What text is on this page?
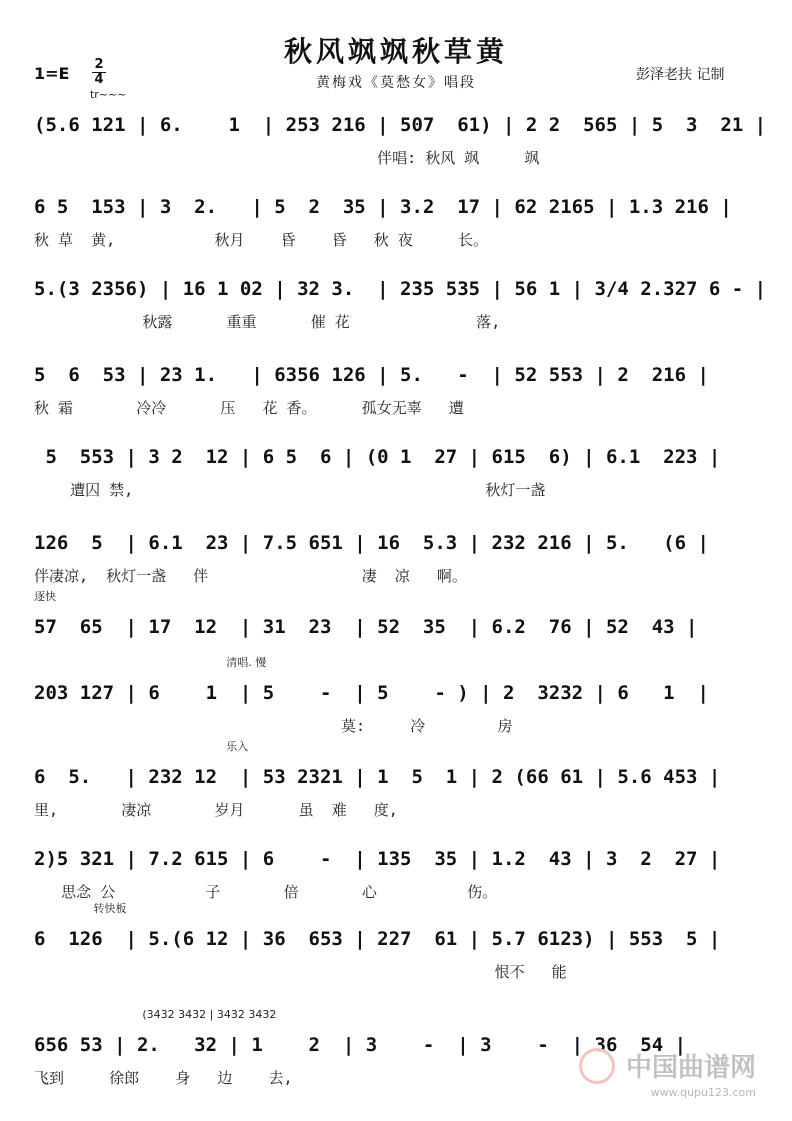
秋风飒飒秋草黄
黄梅戏《莫愁女》唱段
1=E 2
4	彭泽老扶 记制
tr~~~
(5.6 121 | 6.    1  | 253 216 | 507  61) | 2 2  565 | 5  3  21 |
伴唱: 秋风 飒     飒
6 5  153 | 3  2.   | 5  2  35 | 3.2  17 | 62 2165 | 1.3 216 |
秋 草  黄,           秋月    昏    昏   秋 夜     长。
5.(3 2356) | 16 1 02 | 32 3.  | 235 535 | 56 1 | 3/4 2.327 6 - |
秋露      重重      催 花              落,
5  6  53 | 23 1.   | 6356 126 | 5.   -  | 52 553 | 2  216 |
秋 霜       冷冷      压   花 香。     孤女无辜   遭
5  553 | 3 2  12 | 6 5  6 | (0 1  27 | 615  6) | 6.1  223 |
遭囚 禁,                                       秋灯一盏
126  5  | 6.1  23 | 7.5 651 | 16  5.3 | 232 216 | 5.   (6 |
伴凄凉,  秋灯一盏   伴                 凄  凉   啊。
逐快
57  65  | 17  12  | 31  23  | 52  35  | 6.2  76 | 52  43 |
清唱. 慢
203 127 | 6    1  | 5    -  | 5    - ) | 2  3232 | 6   1  |
莫:     冷        房
乐入
6  5.   | 232 12  | 53 2321 | 1  5  1 | 2 (66 61 | 5.6 453 |
里,       凄凉       岁月      虽  难   度,
2)5 321 | 7.2 615 | 6    -  | 135  35 | 1.2  43 | 3  2  27 |
思念 公          子       倍       心          伤。
转快板
6  126  | 5.(6 12 | 36  653 | 227  61 | 5.7 6123) | 553  5 |
恨不   能
(3432 3432 | 3432 3432
656 53 | 2.   32 | 1    2  | 3    -  | 3    -  | 36  54 |
飞到     徐郎    身   边    去,	中国曲谱网
www.qupu123.com
